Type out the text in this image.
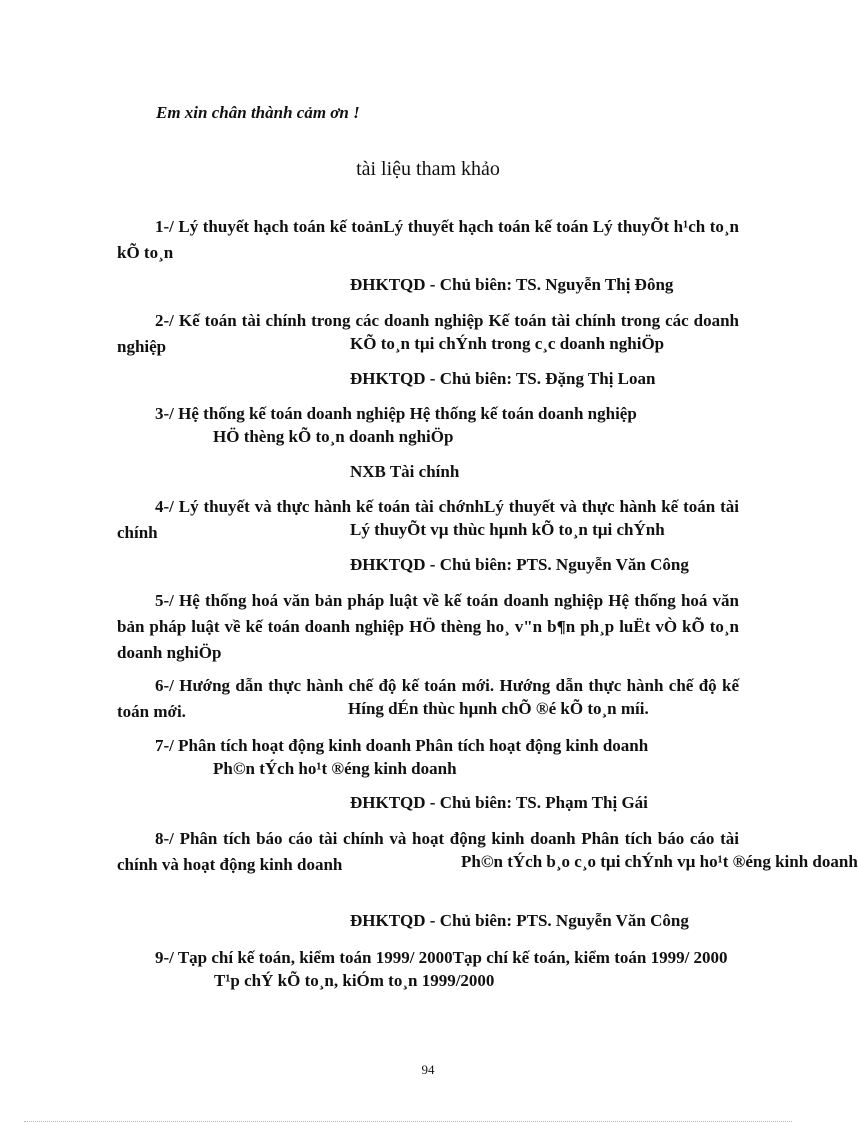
Em xin chân thành cảm ơn !
tài liệu tham khảo
1-/ Lý thuyết hạch toán kế toảnLý thuyết hạch toán kế toán Lý thuyÕt h¹ch to¸n kÕ to¸n
ĐHKTQD - Chủ biên: TS. Nguyễn Thị Đông
2-/ Kế toán tài chính trong các doanh nghiệp Kế toán tài chính trong các doanh nghiệp	KÕ to¸n tµi chÝnh trong c¸c doanh nghiÖp
ĐHKTQD - Chủ biên: TS. Đặng Thị Loan
3-/ Hệ thống kế toán doanh nghiệp Hệ thống kế toán doanh nghiệp
HÖ thèng kÕ to¸n doanh nghiÖp
NXB Tài chính
4-/ Lý thuyết và thực hành kế toán tài chớnhLý thuyết và thực hành kế toán tài chính	Lý thuyÕt vµ thùc hµnh kÕ to¸n tµi chÝnh
ĐHKTQD - Chủ biên: PTS. Nguyễn Văn Công
5-/ Hệ thống hoá văn bản pháp luật về kế toán doanh nghiệp Hệ thống hoá văn bản pháp luật về kế toán doanh nghiệp HÖ thèng ho¸ v"n b¶n ph¸p luËt vÒ kÕ to¸n doanh nghiÖp
6-/ Hướng dẫn thực hành chế độ kế toán mới. Hướng dẫn thực hành chế độ kế toán mới.	Híng dÉn thùc hµnh chÕ ®é kÕ to¸n míi.
7-/ Phân tích hoạt động kinh doanh Phân tích hoạt động kinh doanh
Ph©n tÝch ho¹t ®éng kinh doanh
ĐHKTQD - Chủ biên: TS. Phạm Thị Gái
8-/ Phân tích báo cáo tài chính và hoạt động kinh doanh Phân tích báo cáo tài chính và hoạt động kinh doanh	Ph©n tÝch b¸o c¸o tµi chÝnh vµ ho¹t ®éng kinh doanh
ĐHKTQD - Chủ biên: PTS. Nguyễn Văn Công
9-/ Tạp chí kế toán, kiểm toán 1999/ 2000Tạp chí kế toán, kiểm toán 1999/ 2000
T¹p chÝ kÕ to¸n, kiÓm to¸n 1999/2000
94
